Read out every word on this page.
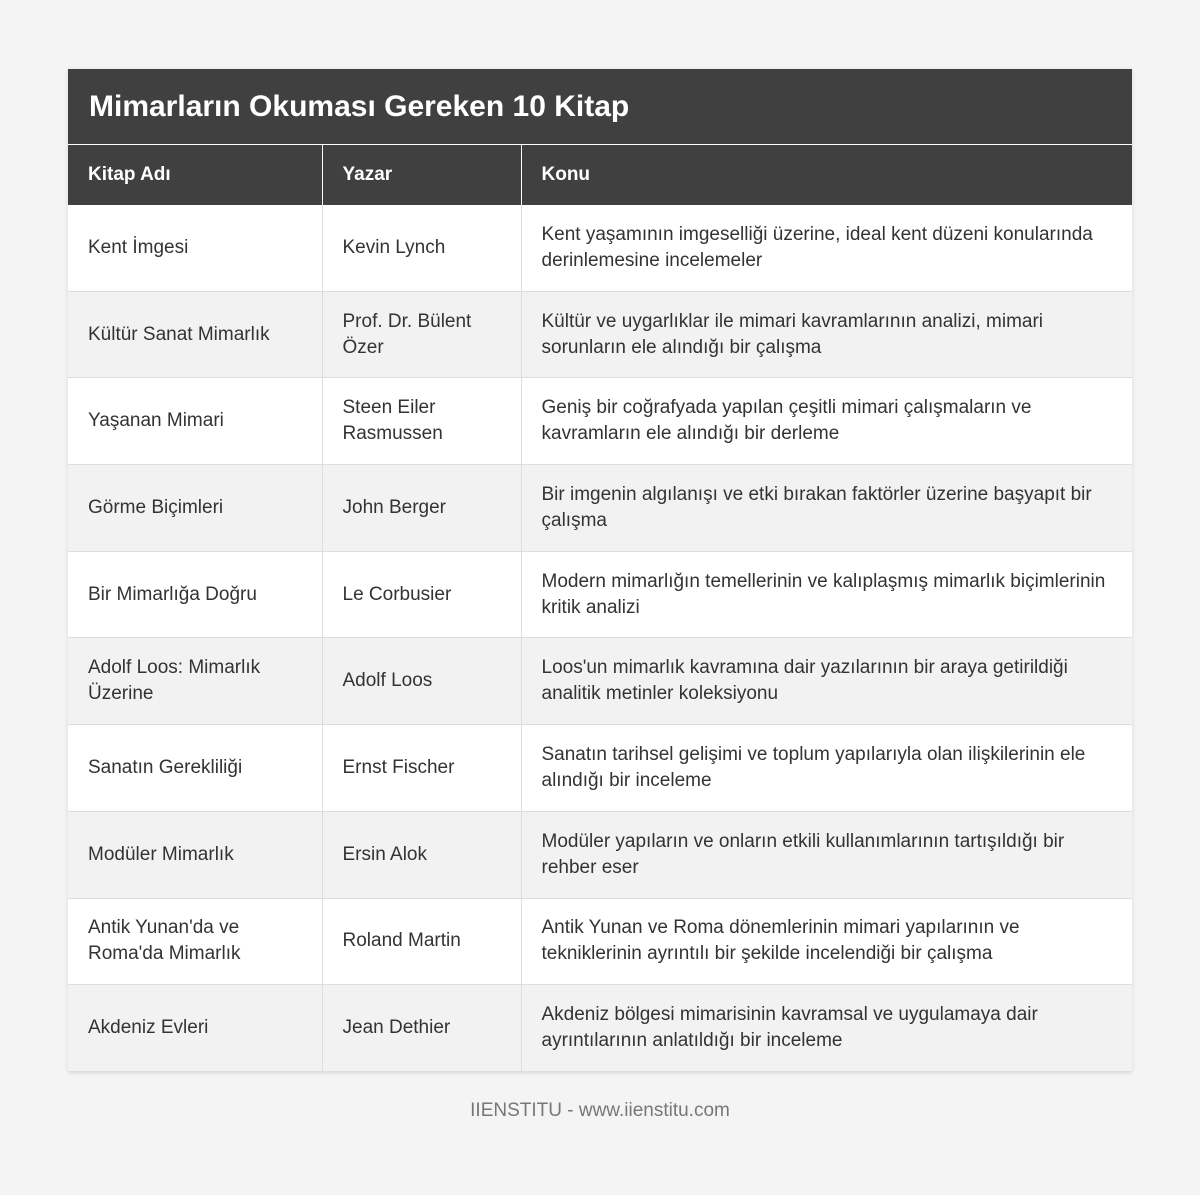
Mimarların Okuması Gereken 10 Kitap
Kitap Adı	Yazar	Konu
Kent İmgesi	Kevin Lynch	Kent yaşamının imgeselliği üzerine, ideal kent düzeni konularında derinlemesine incelemeler
Kültür Sanat Mimarlık	Prof. Dr. Bülent Özer	Kültür ve uygarlıklar ile mimari kavramlarının analizi, mimari sorunların ele alındığı bir çalışma
Yaşanan Mimari	Steen Eiler Rasmussen	Geniş bir coğrafyada yapılan çeşitli mimari çalışmaların ve kavramların ele alındığı bir derleme
Görme Biçimleri	John Berger	Bir imgenin algılanışı ve etki bırakan faktörler üzerine başyapıt bir çalışma
Bir Mimarlığa Doğru	Le Corbusier	Modern mimarlığın temellerinin ve kalıplaşmış mimarlık biçimlerinin kritik analizi
Adolf Loos: Mimarlık Üzerine	Adolf Loos	Loos'un mimarlık kavramına dair yazılarının bir araya getirildiği analitik metinler koleksiyonu
Sanatın Gerekliliği	Ernst Fischer	Sanatın tarihsel gelişimi ve toplum yapılarıyla olan ilişkilerinin ele alındığı bir inceleme
Modüler Mimarlık	Ersin Alok	Modüler yapıların ve onların etkili kullanımlarının tartışıldığı bir rehber eser
Antik Yunan'da ve Roma'da Mimarlık	Roland Martin	Antik Yunan ve Roma dönemlerinin mimari yapılarının ve tekniklerinin ayrıntılı bir şekilde incelendiği bir çalışma
Akdeniz Evleri	Jean Dethier	Akdeniz bölgesi mimarisinin kavramsal ve uygulamaya dair ayrıntılarının anlatıldığı bir inceleme
IIENSTITU - www.iienstitu.com
